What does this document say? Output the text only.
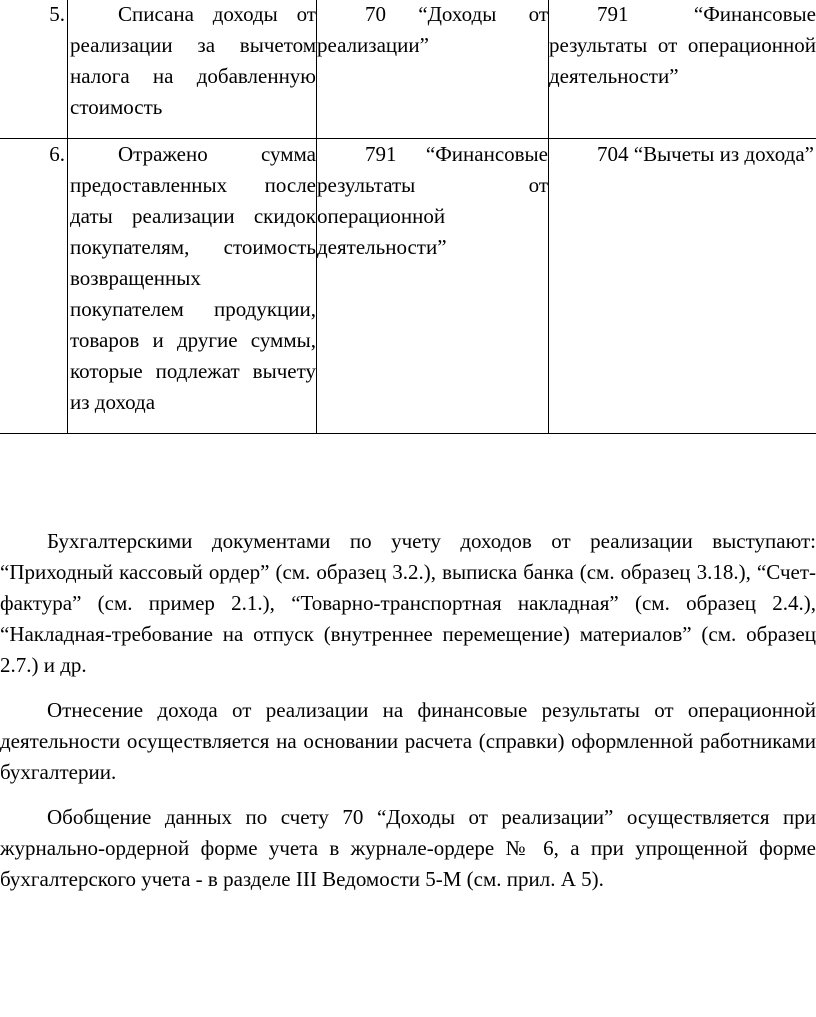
5.	Списана доходы от реализации за вычетом налога на добавленную стоимость	70 “Доходы от реализации”	791 “Финансовые результаты от операционной деятельности”
6.	Отражено сумма предоставленных после даты реализации скидок покупателям, стоимость возвращенных покупателем продукции, товаров и другие суммы, которые подлежат вычету из дохода	791 “Финансовые результаты от операционной деятельности”	704 “Вычеты из дохода”

Бухгалтерскими документами по учету доходов от реализации выступают: “Приходный кассовый ордер” (см. образец 3.2.), выписка банка (см. образец 3.18.), “Счет-фактура” (см. пример 2.1.), “Товарно-транспортная накладная” (см. образец 2.4.), “Накладная-требование на отпуск (внутреннее перемещение) материалов” (см. образец 2.7.) и др.

Отнесение дохода от реализации на финансовые результаты от операционной деятельности осуществляется на основании расчета (справки) оформленной работниками бухгалтерии.

Обобщение данных по счету 70 “Доходы от реализации” осуществляется при журнально-ордерной форме учета в журнале-ордере № 6, а при упрощенной форме бухгалтерского учета - в разделе III Ведомости 5-М (см. прил. А 5).
